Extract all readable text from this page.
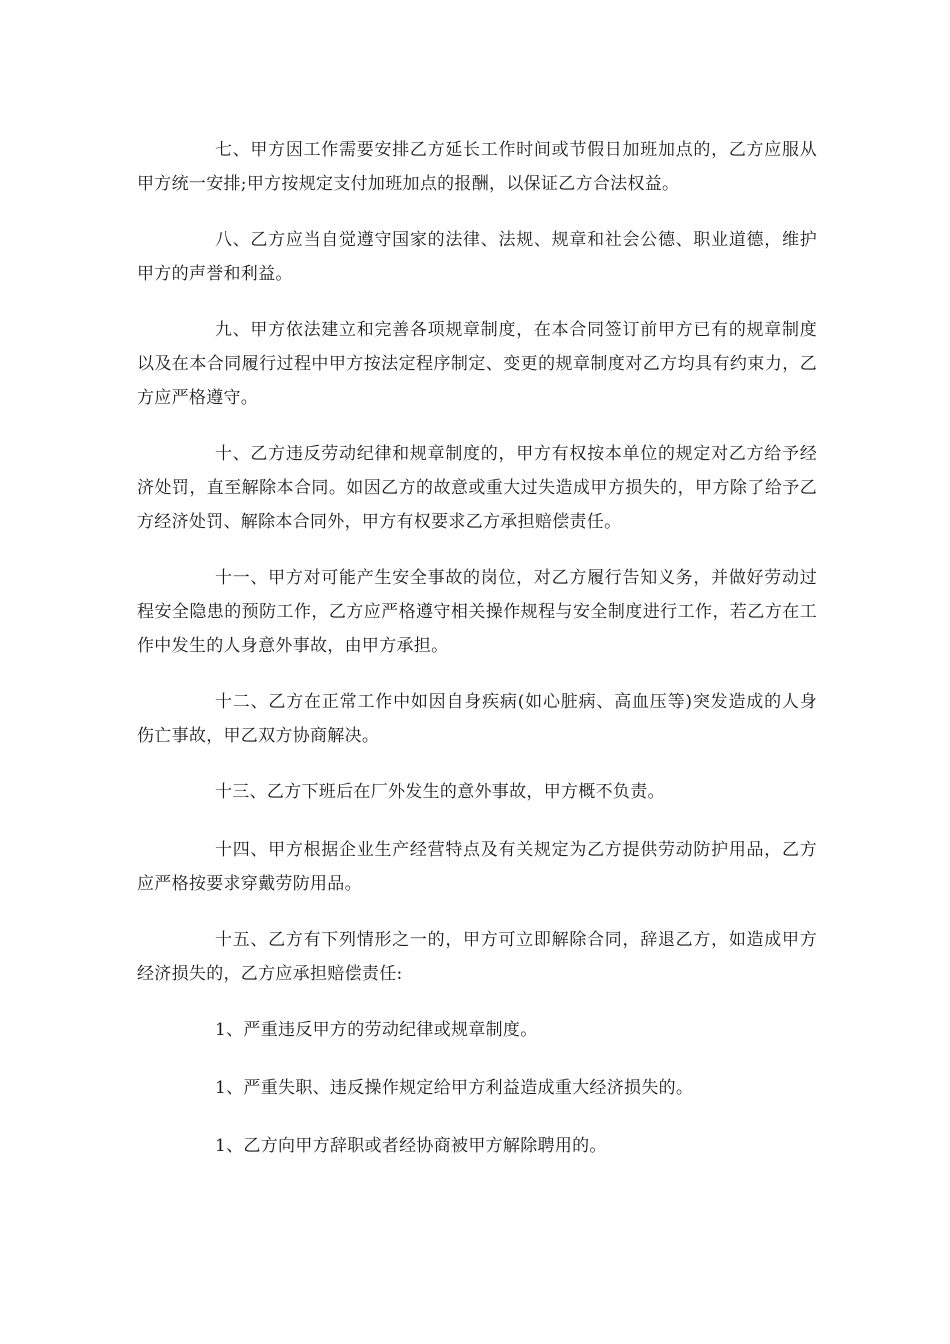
七、甲方因工作需要安排乙方延长工作时间或节假日加班加点的，乙方应服从甲方统一安排;甲方按规定支付加班加点的报酬，以保证乙方合法权益。

八、乙方应当自觉遵守国家的法律、法规、规章和社会公德、职业道德，维护甲方的声誉和利益。

九、甲方依法建立和完善各项规章制度，在本合同签订前甲方已有的规章制度以及在本合同履行过程中甲方按法定程序制定、变更的规章制度对乙方均具有约束力，乙方应严格遵守。

十、乙方违反劳动纪律和规章制度的，甲方有权按本单位的规定对乙方给予经济处罚，直至解除本合同。如因乙方的故意或重大过失造成甲方损失的，甲方除了给予乙方经济处罚、解除本合同外，甲方有权要求乙方承担赔偿责任。

十一、甲方对可能产生安全事故的岗位，对乙方履行告知义务，并做好劳动过程安全隐患的预防工作，乙方应严格遵守相关操作规程与安全制度进行工作，若乙方在工作中发生的人身意外事故，由甲方承担。

十二、乙方在正常工作中如因自身疾病(如心脏病、高血压等)突发造成的人身伤亡事故，甲乙双方协商解决。

十三、乙方下班后在厂外发生的意外事故，甲方概不负责。

十四、甲方根据企业生产经营特点及有关规定为乙方提供劳动防护用品，乙方应严格按要求穿戴劳防用品。

十五、乙方有下列情形之一的，甲方可立即解除合同，辞退乙方，如造成甲方经济损失的，乙方应承担赔偿责任:

1、严重违反甲方的劳动纪律或规章制度。

1、严重失职、违反操作规定给甲方利益造成重大经济损失的。

1、乙方向甲方辞职或者经协商被甲方解除聘用的。
